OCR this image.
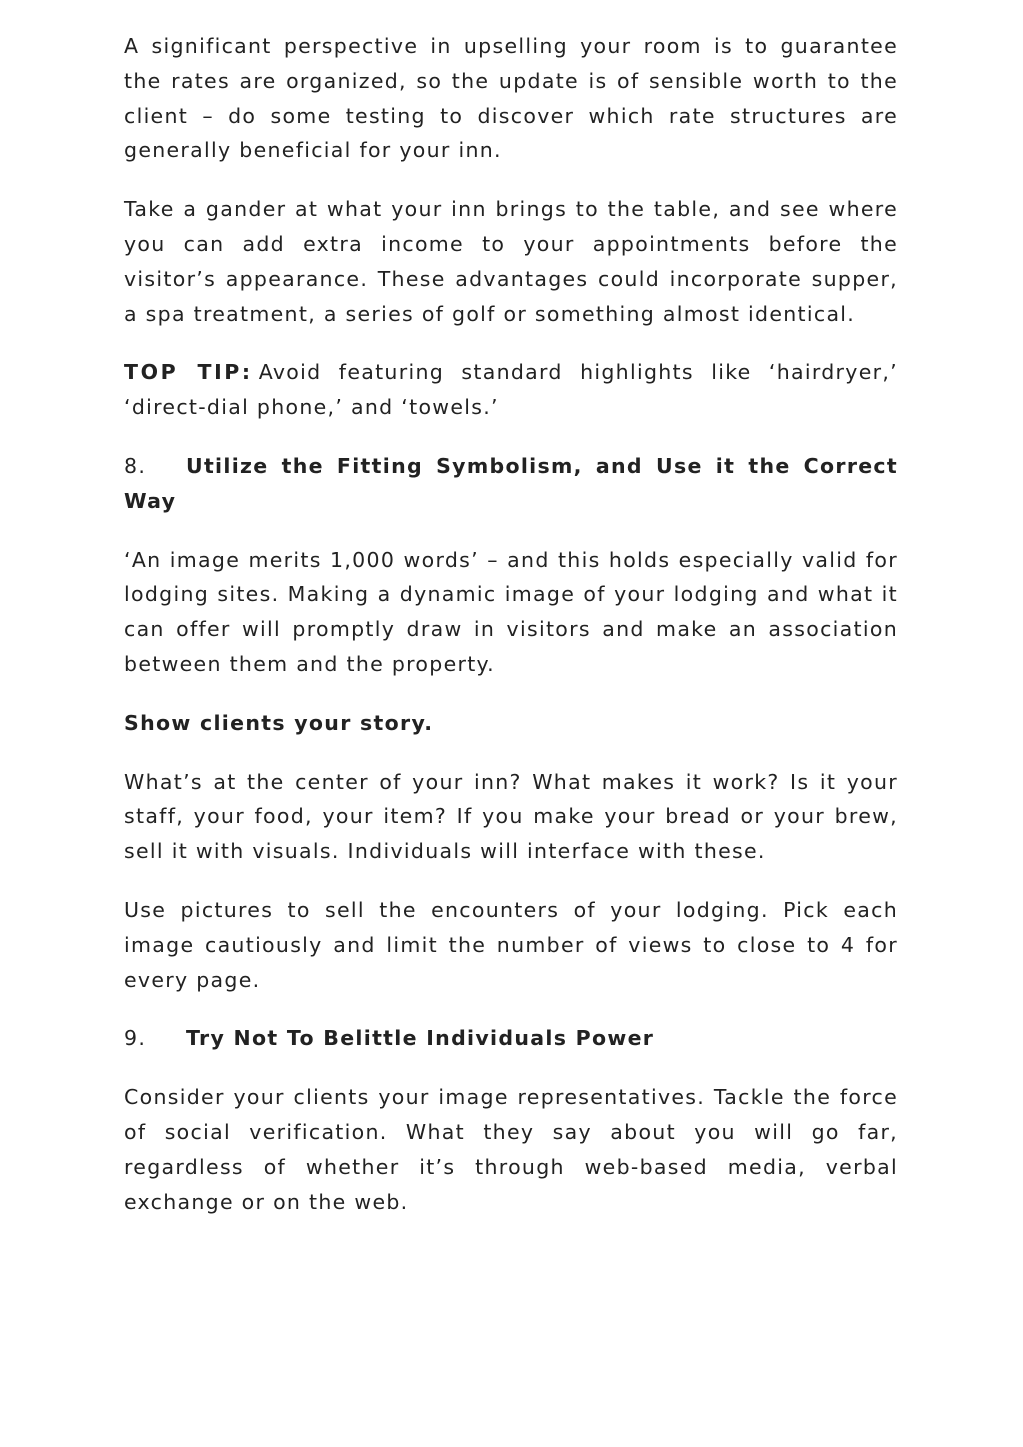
A significant perspective in upselling your room is to guarantee the rates are organized, so the update is of sensible worth to the client – do some testing to discover which rate structures are generally beneficial for your inn.

Take a gander at what your inn brings to the table, and see where you can add extra income to your appointments before the visitor’s appearance. These advantages could incorporate supper, a spa treatment, a series of golf or something almost identical.

TOP TIP: Avoid featuring standard highlights like ‘hairdryer,’ ‘direct-dial phone,’ and ‘towels.’

8. Utilize the Fitting Symbolism, and Use it the Correct Way

‘An image merits 1,000 words’ – and this holds especially valid for lodging sites. Making a dynamic image of your lodging and what it can offer will promptly draw in visitors and make an association between them and the property.

Show clients your story.

What’s at the center of your inn? What makes it work? Is it your staff, your food, your item? If you make your bread or your brew, sell it with visuals. Individuals will interface with these.

Use pictures to sell the encounters of your lodging. Pick each image cautiously and limit the number of views to close to 4 for every page.

9. Try Not To Belittle Individuals Power

Consider your clients your image representatives. Tackle the force of social verification. What they say about you will go far, regardless of whether it’s through web-based media, verbal exchange or on the web.
